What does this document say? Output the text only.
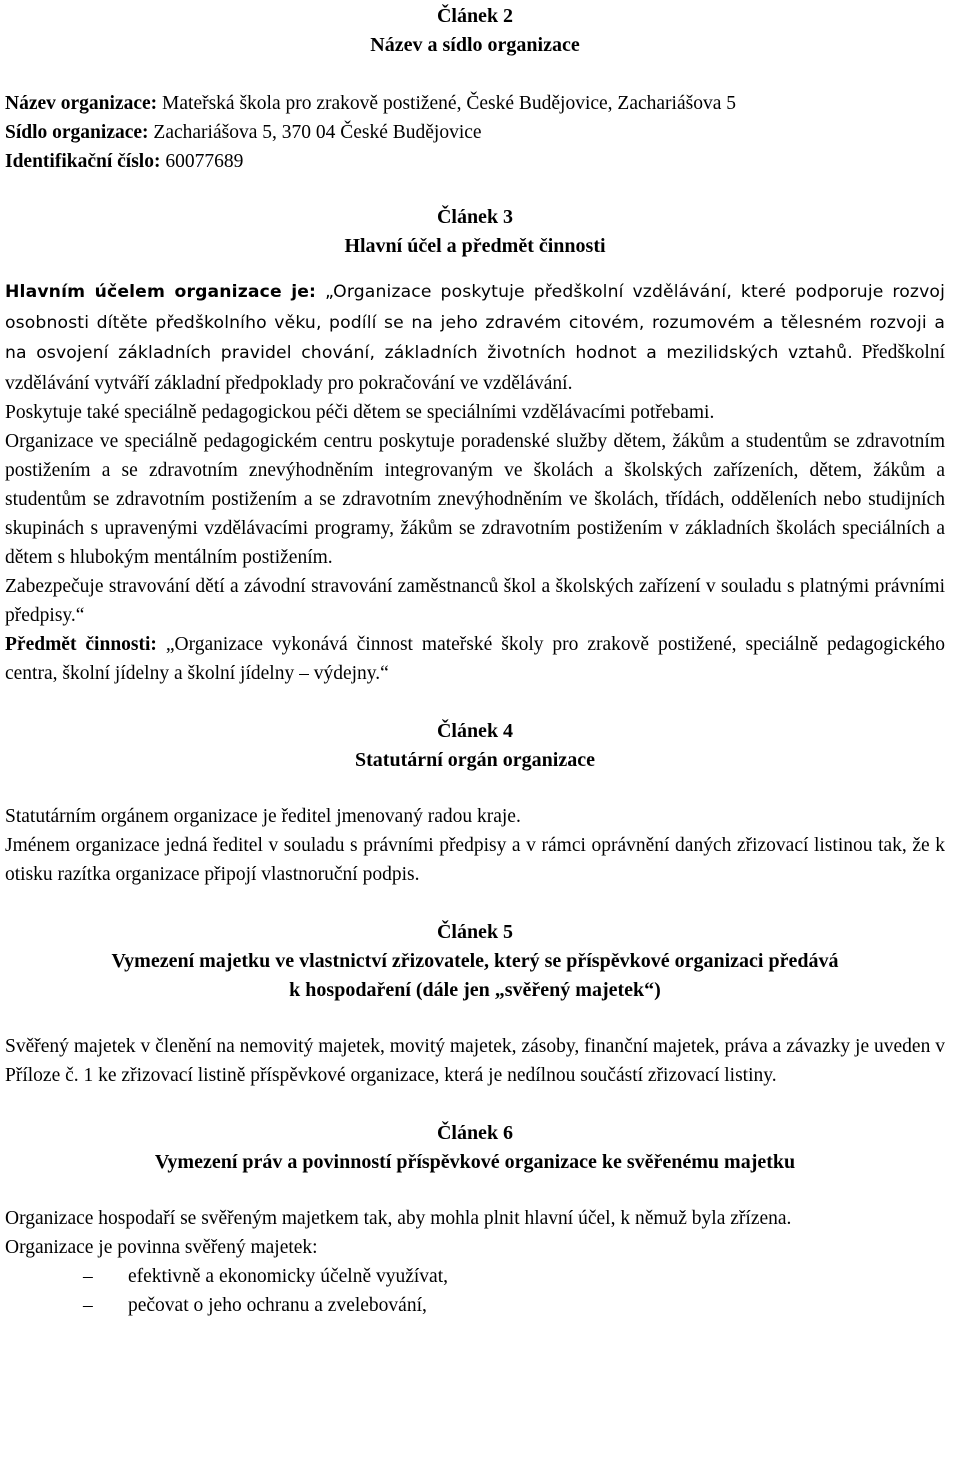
Článek 2
Název a sídlo organizace

Název organizace: Mateřská škola pro zrakově postižené, České Budějovice, Zachariášova 5

Sídlo organizace: Zachariášova 5, 370 04 České Budějovice

Identifikační číslo: 60077689

Článek 3
Hlavní účel a předmět činnosti

Hlavním účelem organizace je: „Organizace poskytuje předškolní vzdělávání, které podporuje rozvoj osobnosti dítěte předškolního věku, podílí se na jeho zdravém citovém, rozumovém a tělesném rozvoji a na osvojení základních pravidel chování, základních životních hodnot a mezilidských vztahů. Předškolní vzdělávání vytváří základní předpoklady pro pokračování ve vzdělávání.

Poskytuje také speciálně pedagogickou péči dětem se speciálními vzdělávacími potřebami.

Organizace ve speciálně pedagogickém centru poskytuje poradenské služby dětem, žákům a studentům se zdravotním postižením a se zdravotním znevýhodněním integrovaným ve školách a školských zařízeních, dětem, žákům a studentům se zdravotním postižením a se zdravotním znevýhodněním ve školách, třídách, odděleních nebo studijních skupinách s upravenými vzdělávacími programy, žákům se zdravotním postižením v základních školách speciálních a dětem s hlubokým mentálním postižením.

Zabezpečuje stravování dětí a závodní stravování zaměstnanců škol a školských zařízení v souladu s platnými právními předpisy.“

Předmět činnosti: „Organizace vykonává činnost mateřské školy pro zrakově postižené, speciálně pedagogického centra, školní jídelny a školní jídelny – výdejny.“

Článek 4
Statutární orgán organizace

Statutárním orgánem organizace je ředitel jmenovaný radou kraje.

Jménem organizace jedná ředitel v souladu s právními předpisy a v rámci oprávnění daných zřizovací listinou tak, že k otisku razítka organizace připojí vlastnoruční podpis.

Článek 5
Vymezení majetku ve vlastnictví zřizovatele, který se příspěvkové organizaci předává
k hospodaření (dále jen „svěřený majetek“)

Svěřený majetek v členění na nemovitý majetek, movitý majetek, zásoby, finanční majetek, práva a závazky je uveden v Příloze č. 1 ke zřizovací listině příspěvkové organizace, která je nedílnou součástí zřizovací listiny.

Článek 6
Vymezení práv a povinností příspěvkové organizace ke svěřenému majetku

Organizace hospodaří se svěřeným majetkem tak, aby mohla plnit hlavní účel, k němuž byla zřízena.

Organizace je povinna svěřený majetek:

– efektivně a ekonomicky účelně využívat,
– pečovat o jeho ochranu a zvelebování,
